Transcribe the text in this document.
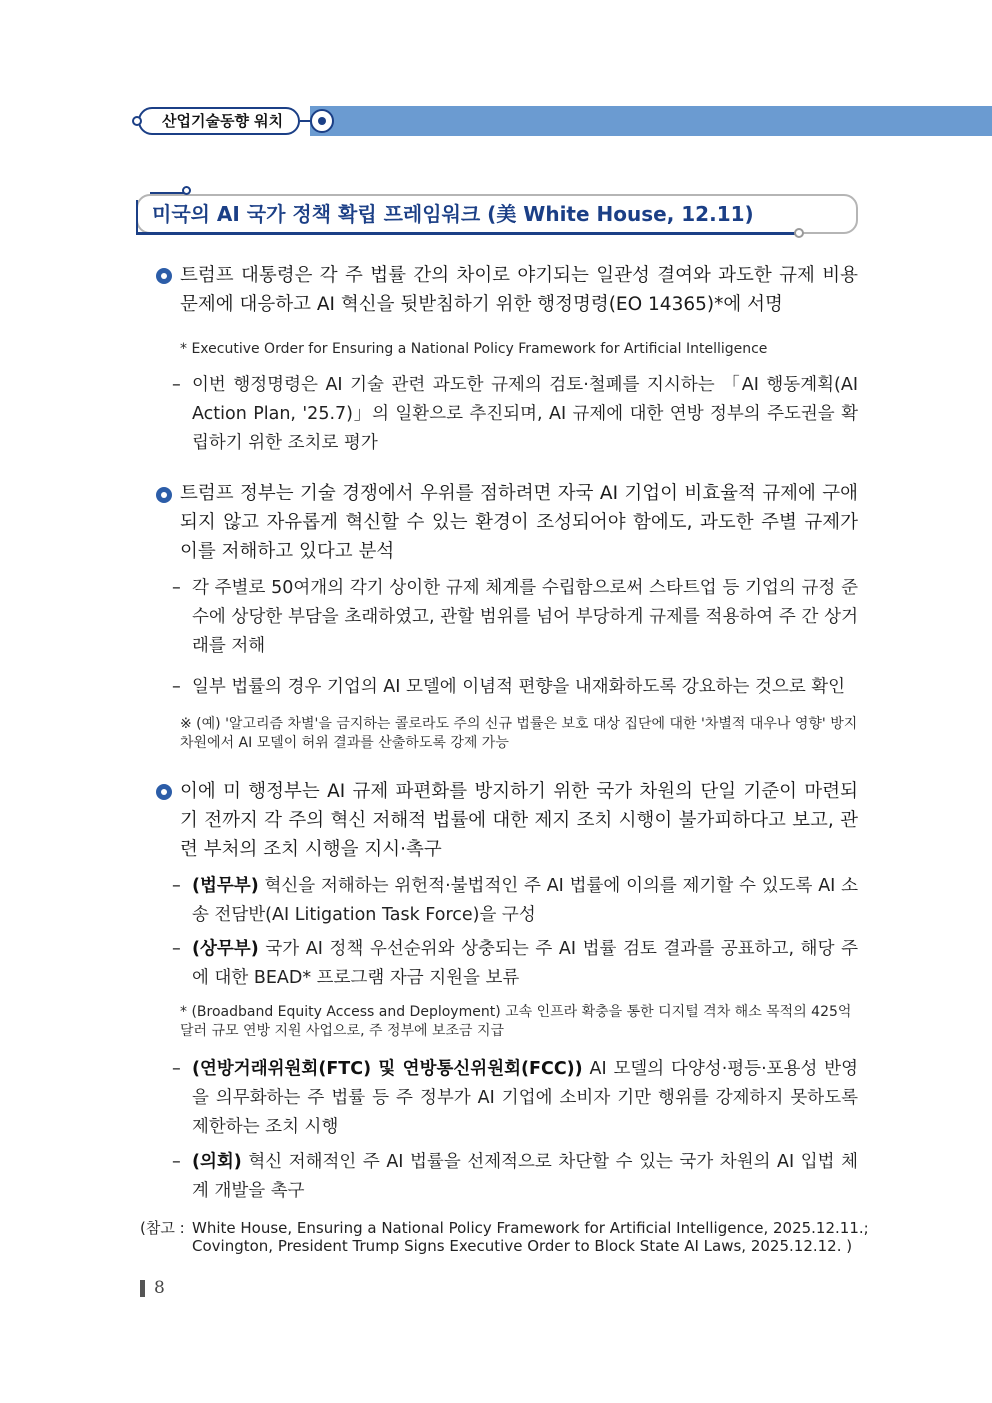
산업기술동향 워치
미국의 AI 국가 정책 확립 프레임워크 (美 White House, 12.11)

트럼프 대통령은 각 주 법률 간의 차이로 야기되는 일관성 결여와 과도한 규제 비용 문제에 대응하고 AI 혁신을 뒷받침하기 위한 행정명령(EO 14365)*에 서명

* Executive Order for Ensuring a National Policy Framework for Artificial Intelligence

– 이번 행정명령은 AI 기술 관련 과도한 규제의 검토·철폐를 지시하는 「AI 행동계획(AI Action Plan, '25.7)」의 일환으로 추진되며, AI 규제에 대한 연방 정부의 주도권을 확립하기 위한 조치로 평가

트럼프 정부는 기술 경쟁에서 우위를 점하려면 자국 AI 기업이 비효율적 규제에 구애되지 않고 자유롭게 혁신할 수 있는 환경이 조성되어야 함에도, 과도한 주별 규제가 이를 저해하고 있다고 분석

– 각 주별로 50여개의 각기 상이한 규제 체계를 수립함으로써 스타트업 등 기업의 규정 준수에 상당한 부담을 초래하였고, 관할 범위를 넘어 부당하게 규제를 적용하여 주 간 상거래를 저해

– 일부 법률의 경우 기업의 AI 모델에 이념적 편향을 내재화하도록 강요하는 것으로 확인

※ (예) '알고리즘 차별'을 금지하는 콜로라도 주의 신규 법률은 보호 대상 집단에 대한 '차별적 대우나 영향' 방지 차원에서 AI 모델이 허위 결과를 산출하도록 강제 가능

이에 미 행정부는 AI 규제 파편화를 방지하기 위한 국가 차원의 단일 기준이 마련되기 전까지 각 주의 혁신 저해적 법률에 대한 제지 조치 시행이 불가피하다고 보고, 관련 부처의 조치 시행을 지시·촉구

– (법무부) 혁신을 저해하는 위헌적·불법적인 주 AI 법률에 이의를 제기할 수 있도록 AI 소송 전담반(AI Litigation Task Force)을 구성

– (상무부) 국가 AI 정책 우선순위와 상충되는 주 AI 법률 검토 결과를 공표하고, 해당 주에 대한 BEAD* 프로그램 자금 지원을 보류

* (Broadband Equity Access and Deployment) 고속 인프라 확충을 통한 디지털 격차 해소 목적의 425억 달러 규모 연방 지원 사업으로, 주 정부에 보조금 지급

– (연방거래위원회(FTC) 및 연방통신위원회(FCC)) AI 모델의 다양성·평등·포용성 반영을 의무화하는 주 법률 등 주 정부가 AI 기업에 소비자 기만 행위를 강제하지 못하도록 제한하는 조치 시행

– (의회) 혁신 저해적인 주 AI 법률을 선제적으로 차단할 수 있는 국가 차원의 AI 입법 체계 개발을 촉구

(참고 : White House, Ensuring a National Policy Framework for Artificial Intelligence, 2025.12.11.; Covington, President Trump Signs Executive Order to Block State AI Laws, 2025.12.12. )
8
